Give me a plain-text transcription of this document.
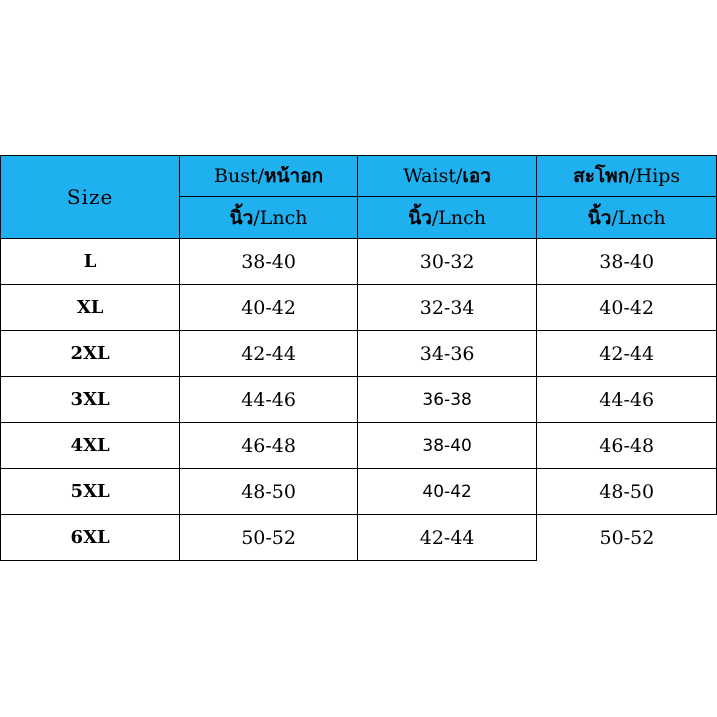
Size	Bust/หน้าอก	Waist/เอว	สะโพก/Hips
	นิ้ว/Lnch	นิ้ว/Lnch	นิ้ว/Lnch
L	38-40	30-32	38-40
XL	40-42	32-34	40-42
2XL	42-44	34-36	42-44
3XL	44-46	36-38	44-46
4XL	46-48	38-40	46-48
5XL	48-50	40-42	48-50
6XL	50-52	42-44	50-52
